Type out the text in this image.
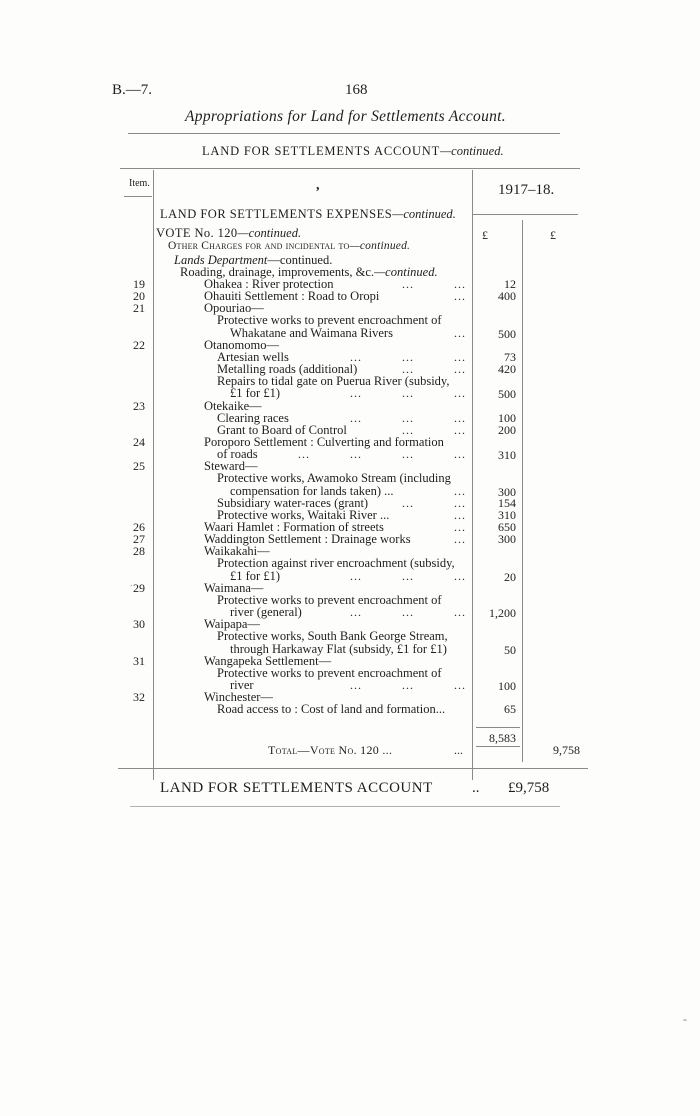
B.—7.	168
Appropriations for Land for Settlements Account.
LAND FOR SETTLEMENTS ACCOUNT—continued.
Item.	,	1917–18.
LAND FOR SETTLEMENTS EXPENSES—continued.
VOTE No. 120—continued.	£	£
Other Charges for and incidental to—continued.
Lands Department—continued.
Roading, drainage, improvements, &c.—continued.
19	Ohakea : River protection	...          ...	12
20	Ohauiti Settlement : Road to Oropi	...	400
21	Opouriao—
Protective works to prevent encroachment of
Whakatane and Waimana Rivers	...	500
22	Otanomomo—
Artesian wells	...          ...          ...	73
Metalling roads (additional)	...          ...	420
Repairs to tidal gate on Puerua River (subsidy,
£1 for £1)	...          ...          ...	500
23	Otekaike—
Clearing races	...          ...          ...	100
Grant to Board of Control	...          ...	200
24	Poroporo Settlement : Culverting and formation
of roads	...          ...          ...          ...	310
25	Steward—
Protective works, Awamoko Stream (including
compensation for lands taken) ...	...	300
Subsidiary water-races (grant)	...          ...	154
Protective works, Waitaki River ...	...	310
26	Waari Hamlet : Formation of streets	...	650
27	Waddington Settlement : Drainage works	...	300
28	Waikakahi—
Protection against river encroachment (subsidy,
£1 for £1)	...          ...          ...	20
29	Waimana—
Protective works to prevent encroachment of
river (general)	...          ...          ...	1,200
30	Waipapa—
Protective works, South Bank George Stream,
through Harkaway Flat (subsidy, £1 for £1)	50
31	Wangapeka Settlement—
Protective works to prevent encroachment of
river	...          ...          ...	100
32	Winchester—
Road access to : Cost of land and formation...	65
8,583
Total—Vote No. 120 ...	...	9,758
LAND FOR SETTLEMENTS ACCOUNT	.. £9,758
.
‐
